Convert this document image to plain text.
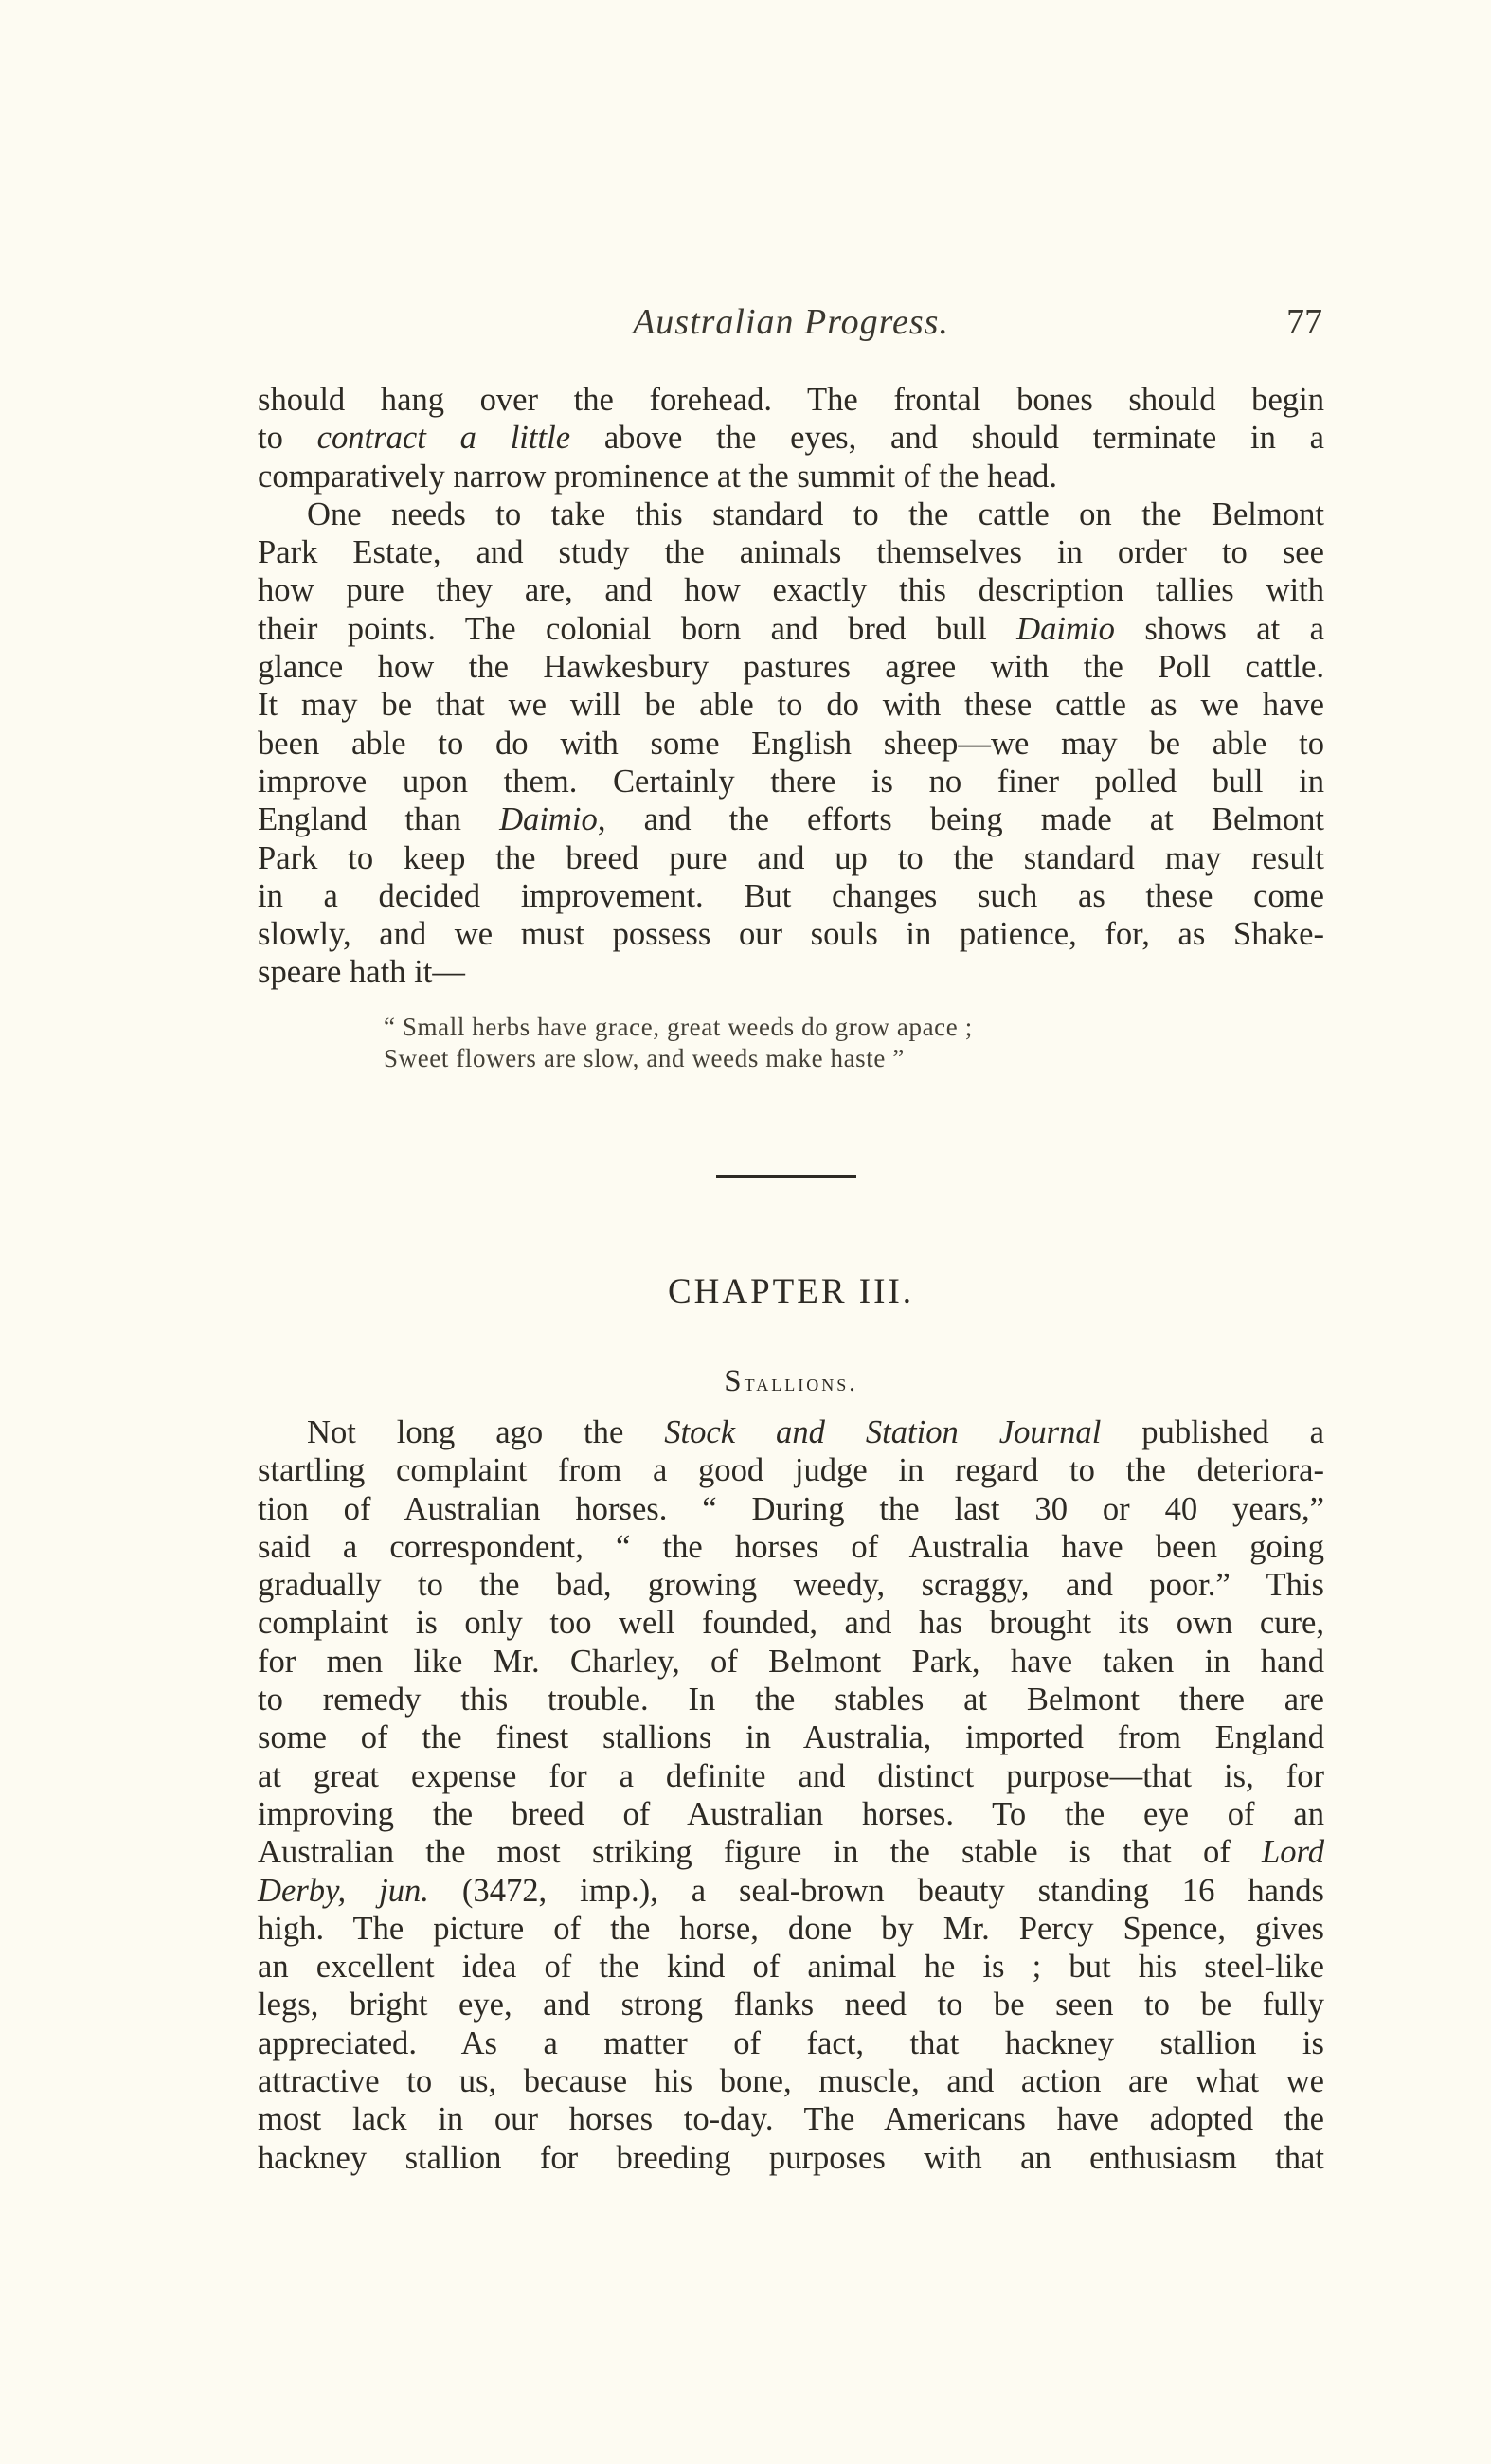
Australian Progress.	77

should hang over the forehead. The frontal bones should begin

to contract a little above the eyes, and should terminate in a

comparatively narrow prominence at the summit of the head.

One needs to take this standard to the cattle on the Belmont

Park Estate, and study the animals themselves in order to see

how pure they are, and how exactly this description tallies with

their points. The colonial born and bred bull Daimio shows at a

glance how the Hawkesbury pastures agree with the Poll cattle.

It may be that we will be able to do with these cattle as we have

been able to do with some English sheep—we may be able to

improve upon them. Certainly there is no finer polled bull in

England than Daimio, and the efforts being made at Belmont

Park to keep the breed pure and up to the standard may result

in a decided improvement. But changes such as these come

slowly, and we must possess our souls in patience, for, as Shake-

speare hath it—

“ Small herbs have grace, great weeds do grow apace ;
Sweet flowers are slow, and weeds make haste ”
CHAPTER III.
Stallions.

Not long ago the Stock and Station Journal published a

startling complaint from a good judge in regard to the deteriora-

tion of Australian horses. “ During the last 30 or 40 years,”

said a correspondent, “ the horses of Australia have been going

gradually to the bad, growing weedy, scraggy, and poor.” This

complaint is only too well founded, and has brought its own cure,

for men like Mr. Charley, of Belmont Park, have taken in hand

to remedy this trouble. In the stables at Belmont there are

some of the finest stallions in Australia, imported from England

at great expense for a definite and distinct purpose—that is, for

improving the breed of Australian horses. To the eye of an

Australian the most striking figure in the stable is that of Lord

Derby, jun. (3472, imp.), a seal-brown beauty standing 16 hands

high. The picture of the horse, done by Mr. Percy Spence, gives

an excellent idea of the kind of animal he is ; but his steel-like

legs, bright eye, and strong flanks need to be seen to be fully

appreciated. As a matter of fact, that hackney stallion is

attractive to us, because his bone, muscle, and action are what we

most lack in our horses to-day. The Americans have adopted the

hackney stallion for breeding purposes with an enthusiasm that
